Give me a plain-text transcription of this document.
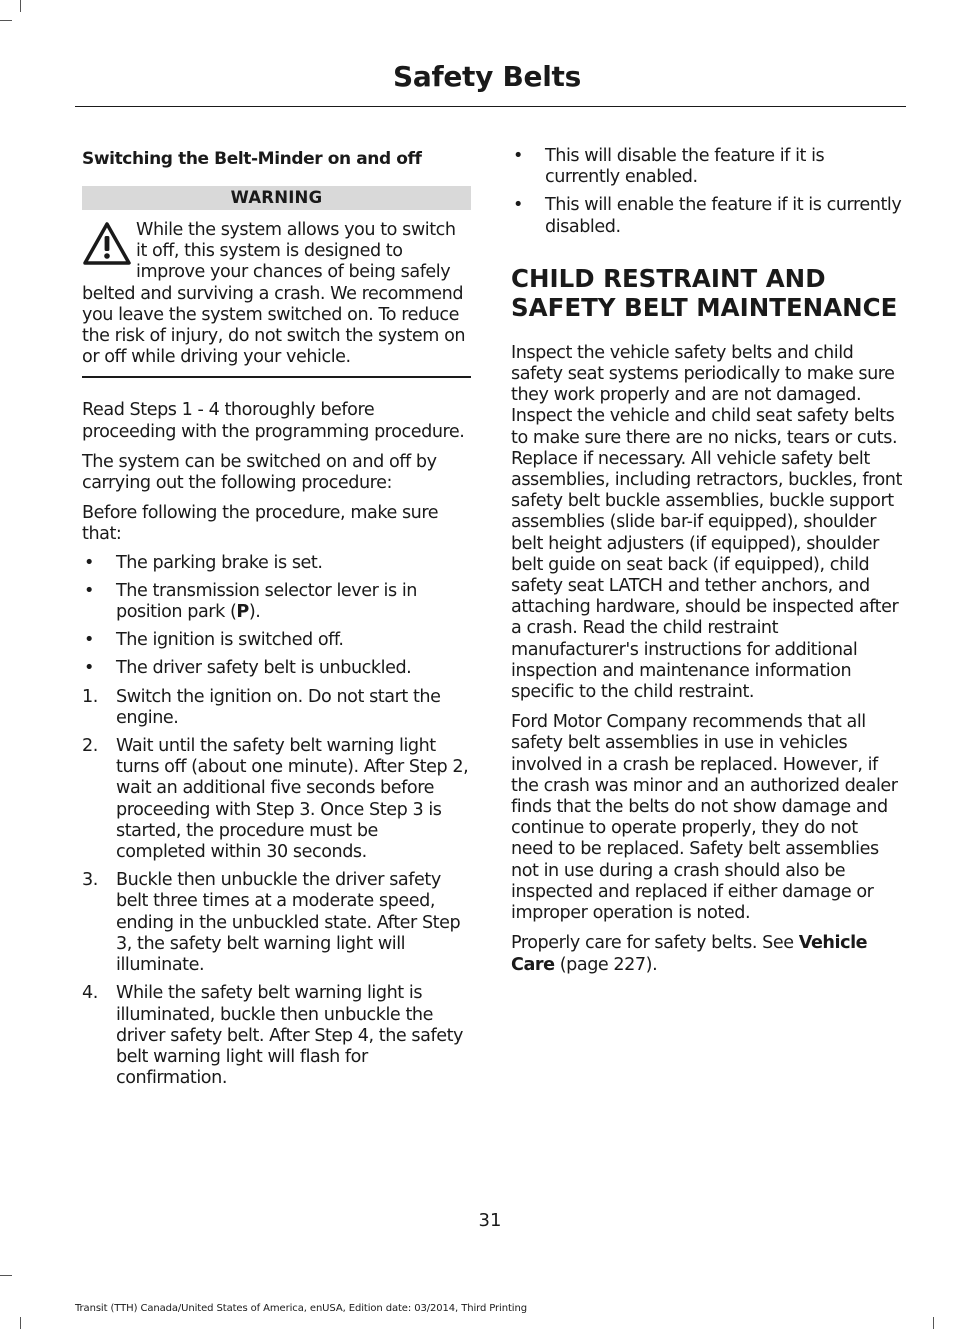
Safety Belts
Switching the Belt-Minder on and off
WARNING

While the system allows you to switch it off, this system is designed to improve your chances of being safely belted and surviving a crash. We recommend you leave the system switched on. To reduce the risk of injury, do not switch the system on or off while driving your vehicle.

Read Steps 1 - 4 thoroughly before proceeding with the programming procedure.

The system can be switched on and off by carrying out the following procedure:

Before following the procedure, make sure that:

• The parking brake is set.
• The transmission selector lever is in position park (P).
• The ignition is switched off.
• The driver safety belt is unbuckled.
1. Switch the ignition on. Do not start the engine.
2. Wait until the safety belt warning light turns off (about one minute). After Step 2, wait an additional five seconds before proceeding with Step 3. Once Step 3 is started, the procedure must be completed within 30 seconds.
3. Buckle then unbuckle the driver safety belt three times at a moderate speed, ending in the unbuckled state. After Step 3, the safety belt warning light will illuminate.
4. While the safety belt warning light is illuminated, buckle then unbuckle the driver safety belt. After Step 4, the safety belt warning light will flash for confirmation.
• This will disable the feature if it is currently enabled.
• This will enable the feature if it is currently disabled.
CHILD RESTRAINT AND
SAFETY BELT MAINTENANCE

Inspect the vehicle safety belts and child safety seat systems periodically to make sure they work properly and are not damaged. Inspect the vehicle and child seat safety belts to make sure there are no nicks, tears or cuts. Replace if necessary. All vehicle safety belt assemblies, including retractors, buckles, front safety belt buckle assemblies, buckle support assemblies (slide bar-if equipped), shoulder belt height adjusters (if equipped), shoulder belt guide on seat back (if equipped), child safety seat LATCH and tether anchors, and attaching hardware, should be inspected after a crash. Read the child restraint manufacturer's instructions for additional inspection and maintenance information specific to the child restraint.

Ford Motor Company recommends that all safety belt assemblies in use in vehicles involved in a crash be replaced. However, if the crash was minor and an authorized dealer finds that the belts do not show damage and continue to operate properly, they do not need to be replaced. Safety belt assemblies not in use during a crash should also be inspected and replaced if either damage or improper operation is noted.

Properly care for safety belts. See Vehicle Care (page 227).

31
Transit (TTH) Canada/United States of America, enUSA, Edition date: 03/2014, Third Printing
